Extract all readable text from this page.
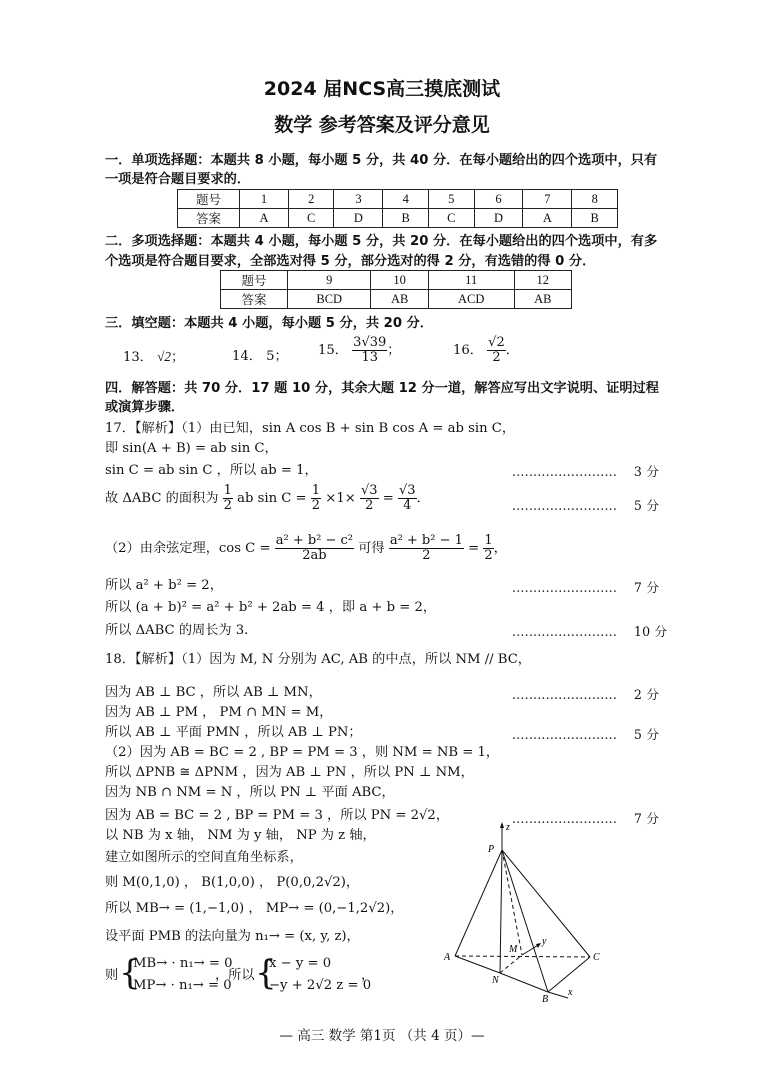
2024 届NCS高三摸底测试
数学 参考答案及评分意见
一．单项选择题：本题共 8 小题，每小题 5 分，共 40 分．在每小题给出的四个选项中，只有
一项是符合题目要求的．
题号	1	2	3	4	5	6	7	8
答案	A	C	D	B	C	D	A	B
二．多项选择题：本题共 4 小题，每小题 5 分，共 20 分．在每小题给出的四个选项中，有多
个选项是符合题目要求，全部选对得 5 分，部分选对的得 2 分，有选错的得 0 分．
题号	9	10	11	12
答案	BCD	AB	ACD	AB
三．填空题：本题共 4 小题，每小题 5 分，共 20 分．
13． √2；	14． 5； 15． $\frac{3√39}{13}$ ；	16． $\frac{√2}{2}$ ．
四．解答题：共 70 分．17 题 10 分，其余大题 12 分一道，解答应写出文字说明、证明过程
或演算步骤．
17．【解析】（1）由已知，sin A cos B + sin B cos A = ab sin C，
即 sin(A + B) = ab sin C，
sin C = ab sin C ，所以 ab = 1，
故 ΔABC 的面积为 $\frac{1}{2}$ ab $\sin C = \frac{1}{2} \times 1\times \frac{√3}{2} = \frac{√3}{4}$ ．
（2）由余弦定理，$\cos C = \frac{\text{a² + b² − c²}}{2ab}$ 可得 $\frac{\text{a² + b² − 1}}{2} = \frac{1}{2}$ ，
所以 a² + b² = 2，
所以 (a + b)² = a² + b² + 2ab = 4 ，即 a + b = 2，
所以 ΔABC 的周长为 3.
......................... 3 分
......................... 5 分
......................... 7 分
......................... 10 分
18．【解析】（1）因为 M, N 分别为 AC, AB 的中点，所以 NM // BC，
因为 AB ⊥ BC ，所以 AB ⊥ MN，
因为 AB ⊥ PM ， PM ∩ MN = M，
所以 AB ⊥ 平面 PMN ，所以 AB ⊥ PN；
（2）因为 AB = BC = 2 , BP = PM = 3 ，则 NM = NB = 1，
所以 ΔPNB ≅ ΔPNM ，因为 AB ⊥ PN ，所以 PN ⊥ NM，
因为 NB ∩ NM = N ，所以 PN ⊥ 平面 ABC，
因为 AB = BC = 2 , BP = PM = 3 ，所以 PN = 2√2，
以 NB 为 x 轴， NM 为 y 轴， NP 为 z 轴，
建立如图所示的空间直角坐标系，
则 M(0,1,0) ， B(1,0,0) ， P(0,0,2√2)，
所以 MB→ = (1,−1,0) ， MP→ = (0,−1,2√2)，
设平面 PMB 的法向量为 n₁→ = (x, y, z)，
则 {
MB→ · n₁→ = 0
MP→ · n₁→ = 0
，所以 {
x − y = 0
−y + 2√2 z = 0
，
......................... 2 分
......................... 5 分
......................... 7 分
z
P
M
y
A	C
N
B
x
— 高三 数学 第1页 （共 4 页）—
